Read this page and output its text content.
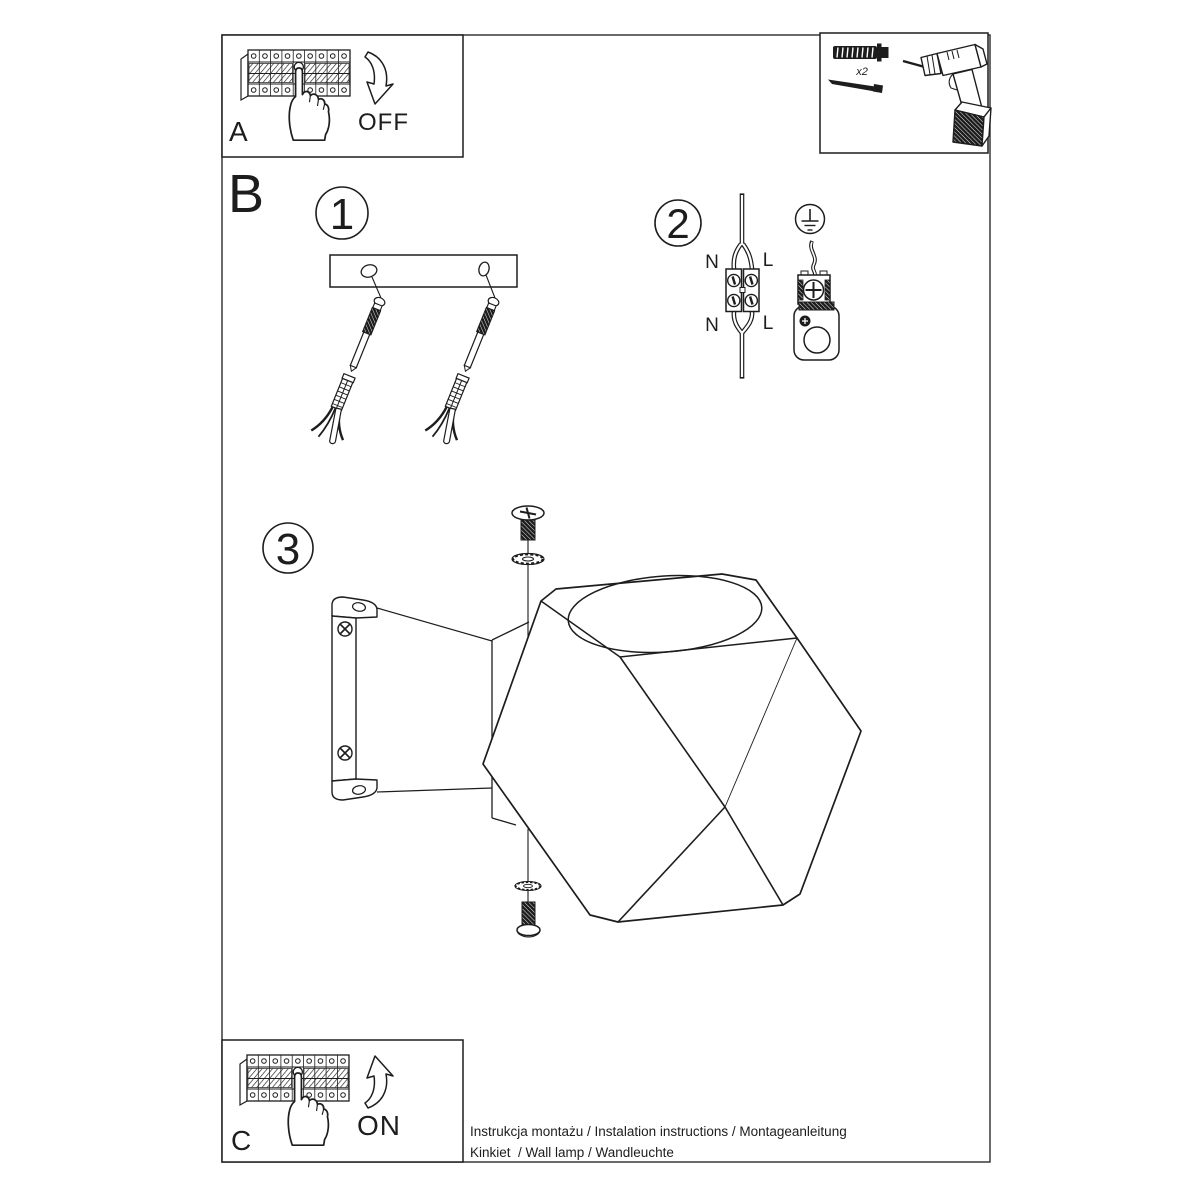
A	OFF
x2
B 1	2
N L
N L
3
C	ON	Instrukcja montażu / Instalation instructions / Montageanleitung
Kinkiet  / Wall lamp / Wandleuchte
